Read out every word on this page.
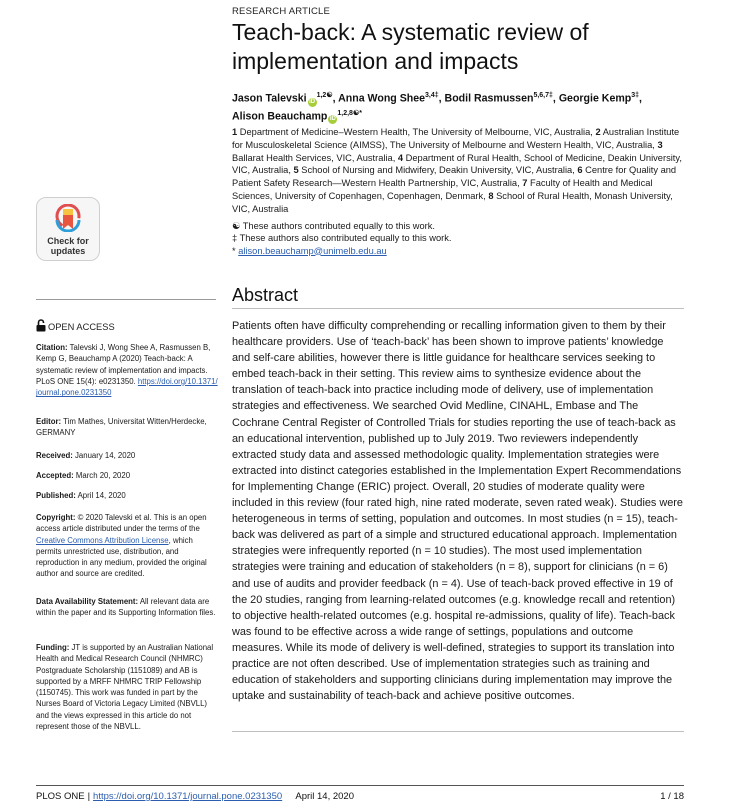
RESEARCH ARTICLE
Teach-back: A systematic review of
implementation and impacts
Jason Talevski $iD^{1,2☯}$, Anna Wong Shee$^{3,4\ddagger}$, Bodil Rasmussen$^{5,6,7\ddagger}$, Georgie Kemp$^{3\ddagger}$,
Alison Beauchamp $iD^{1,2,8☯*}$
1 Department of Medicine–Western Health, The University of Melbourne, VIC, Australia, 2 Australian Institute for Musculoskeletal Science (AIMSS), The University of Melbourne and Western Health, VIC, Australia, 3 Ballarat Health Services, VIC, Australia, 4 Department of Rural Health, School of Medicine, Deakin University, VIC, Australia, 5 School of Nursing and Midwifery, Deakin University, VIC, Australia, 6 Centre for Quality and Patient Safety Research—Western Health Partnership, VIC, Australia, 7 Faculty of Health and Medical Sciences, University of Copenhagen, Copenhagen, Denmark, 8 School of Rural Health, Monash University, VIC, Australia
☯ These authors contributed equally to this work.
‡ These authors also contributed equally to this work.
* alison.beauchamp@unimelb.edu.au
Check for
updates
OPEN ACCESS
Citation: Talevski J, Wong Shee A, Rasmussen B, Kemp G, Beauchamp A (2020) Teach-back: A systematic review of implementation and impacts. PLoS ONE 15(4): e0231350. https://doi.org/10.1371/journal.pone.0231350
Editor: Tim Mathes, Universitat Witten/Herdecke, GERMANY
Received: January 14, 2020
Accepted: March 20, 2020
Published: April 14, 2020
Copyright: © 2020 Talevski et al. This is an open access article distributed under the terms of the Creative Commons Attribution License, which permits unrestricted use, distribution, and reproduction in any medium, provided the original author and source are credited.
Data Availability Statement: All relevant data are within the paper and its Supporting Information files.
Funding: JT is supported by an Australian National Health and Medical Research Council (NHMRC) Postgraduate Scholarship (1151089) and AB is supported by a MRFF NHMRC TRIP Fellowship (1150745). This work was funded in part by the Nurses Board of Victoria Legacy Limited (NBVLL) and the views expressed in this article do not represent those of the NBVLL.
Abstract

Patients often have difficulty comprehending or recalling information given to them by their healthcare providers. Use of ‘teach-back’ has been shown to improve patients’ knowledge and self-care abilities, however there is little guidance for healthcare services seeking to embed teach-back in their setting. This review aims to synthesize evidence about the translation of teach-back into practice including mode of delivery, use of implementation strategies and effectiveness. We searched Ovid Medline, CINAHL, Embase and The Cochrane Central Register of Controlled Trials for studies reporting the use of teach-back as an educational intervention, published up to July 2019. Two reviewers independently extracted study data and assessed methodologic quality. Implementation strategies were extracted into distinct categories established in the Implementation Expert Recommendations for Implementing Change (ERIC) project. Overall, 20 studies of moderate quality were included in this review (four rated high, nine rated moderate, seven rated weak). Studies were heterogeneous in terms of setting, population and outcomes. In most studies (n = 15), teach-back was delivered as part of a simple and structured educational approach. Implementation strategies were infrequently reported (n = 10 studies). The most used implementation strategies were training and education of stakeholders (n = 8), support for clinicians (n = 6) and use of audits and provider feedback (n = 4). Use of teach-back proved effective in 19 of the 20 studies, ranging from learning-related outcomes (e.g. knowledge recall and retention) to objective health-related outcomes (e.g. hospital re-admissions, quality of life). Teach-back was found to be effective across a wide range of settings, populations and outcome measures. While its mode of delivery is well-defined, strategies to support its translation into practice are not often described. Use of implementation strategies such as training and education of stakeholders and supporting clinicians during implementation may improve the uptake and sustainability of teach-back and achieve positive outcomes.

PLOS ONE | https://doi.org/10.1371/journal.pone.0231350 April 14, 2020	1 / 18
